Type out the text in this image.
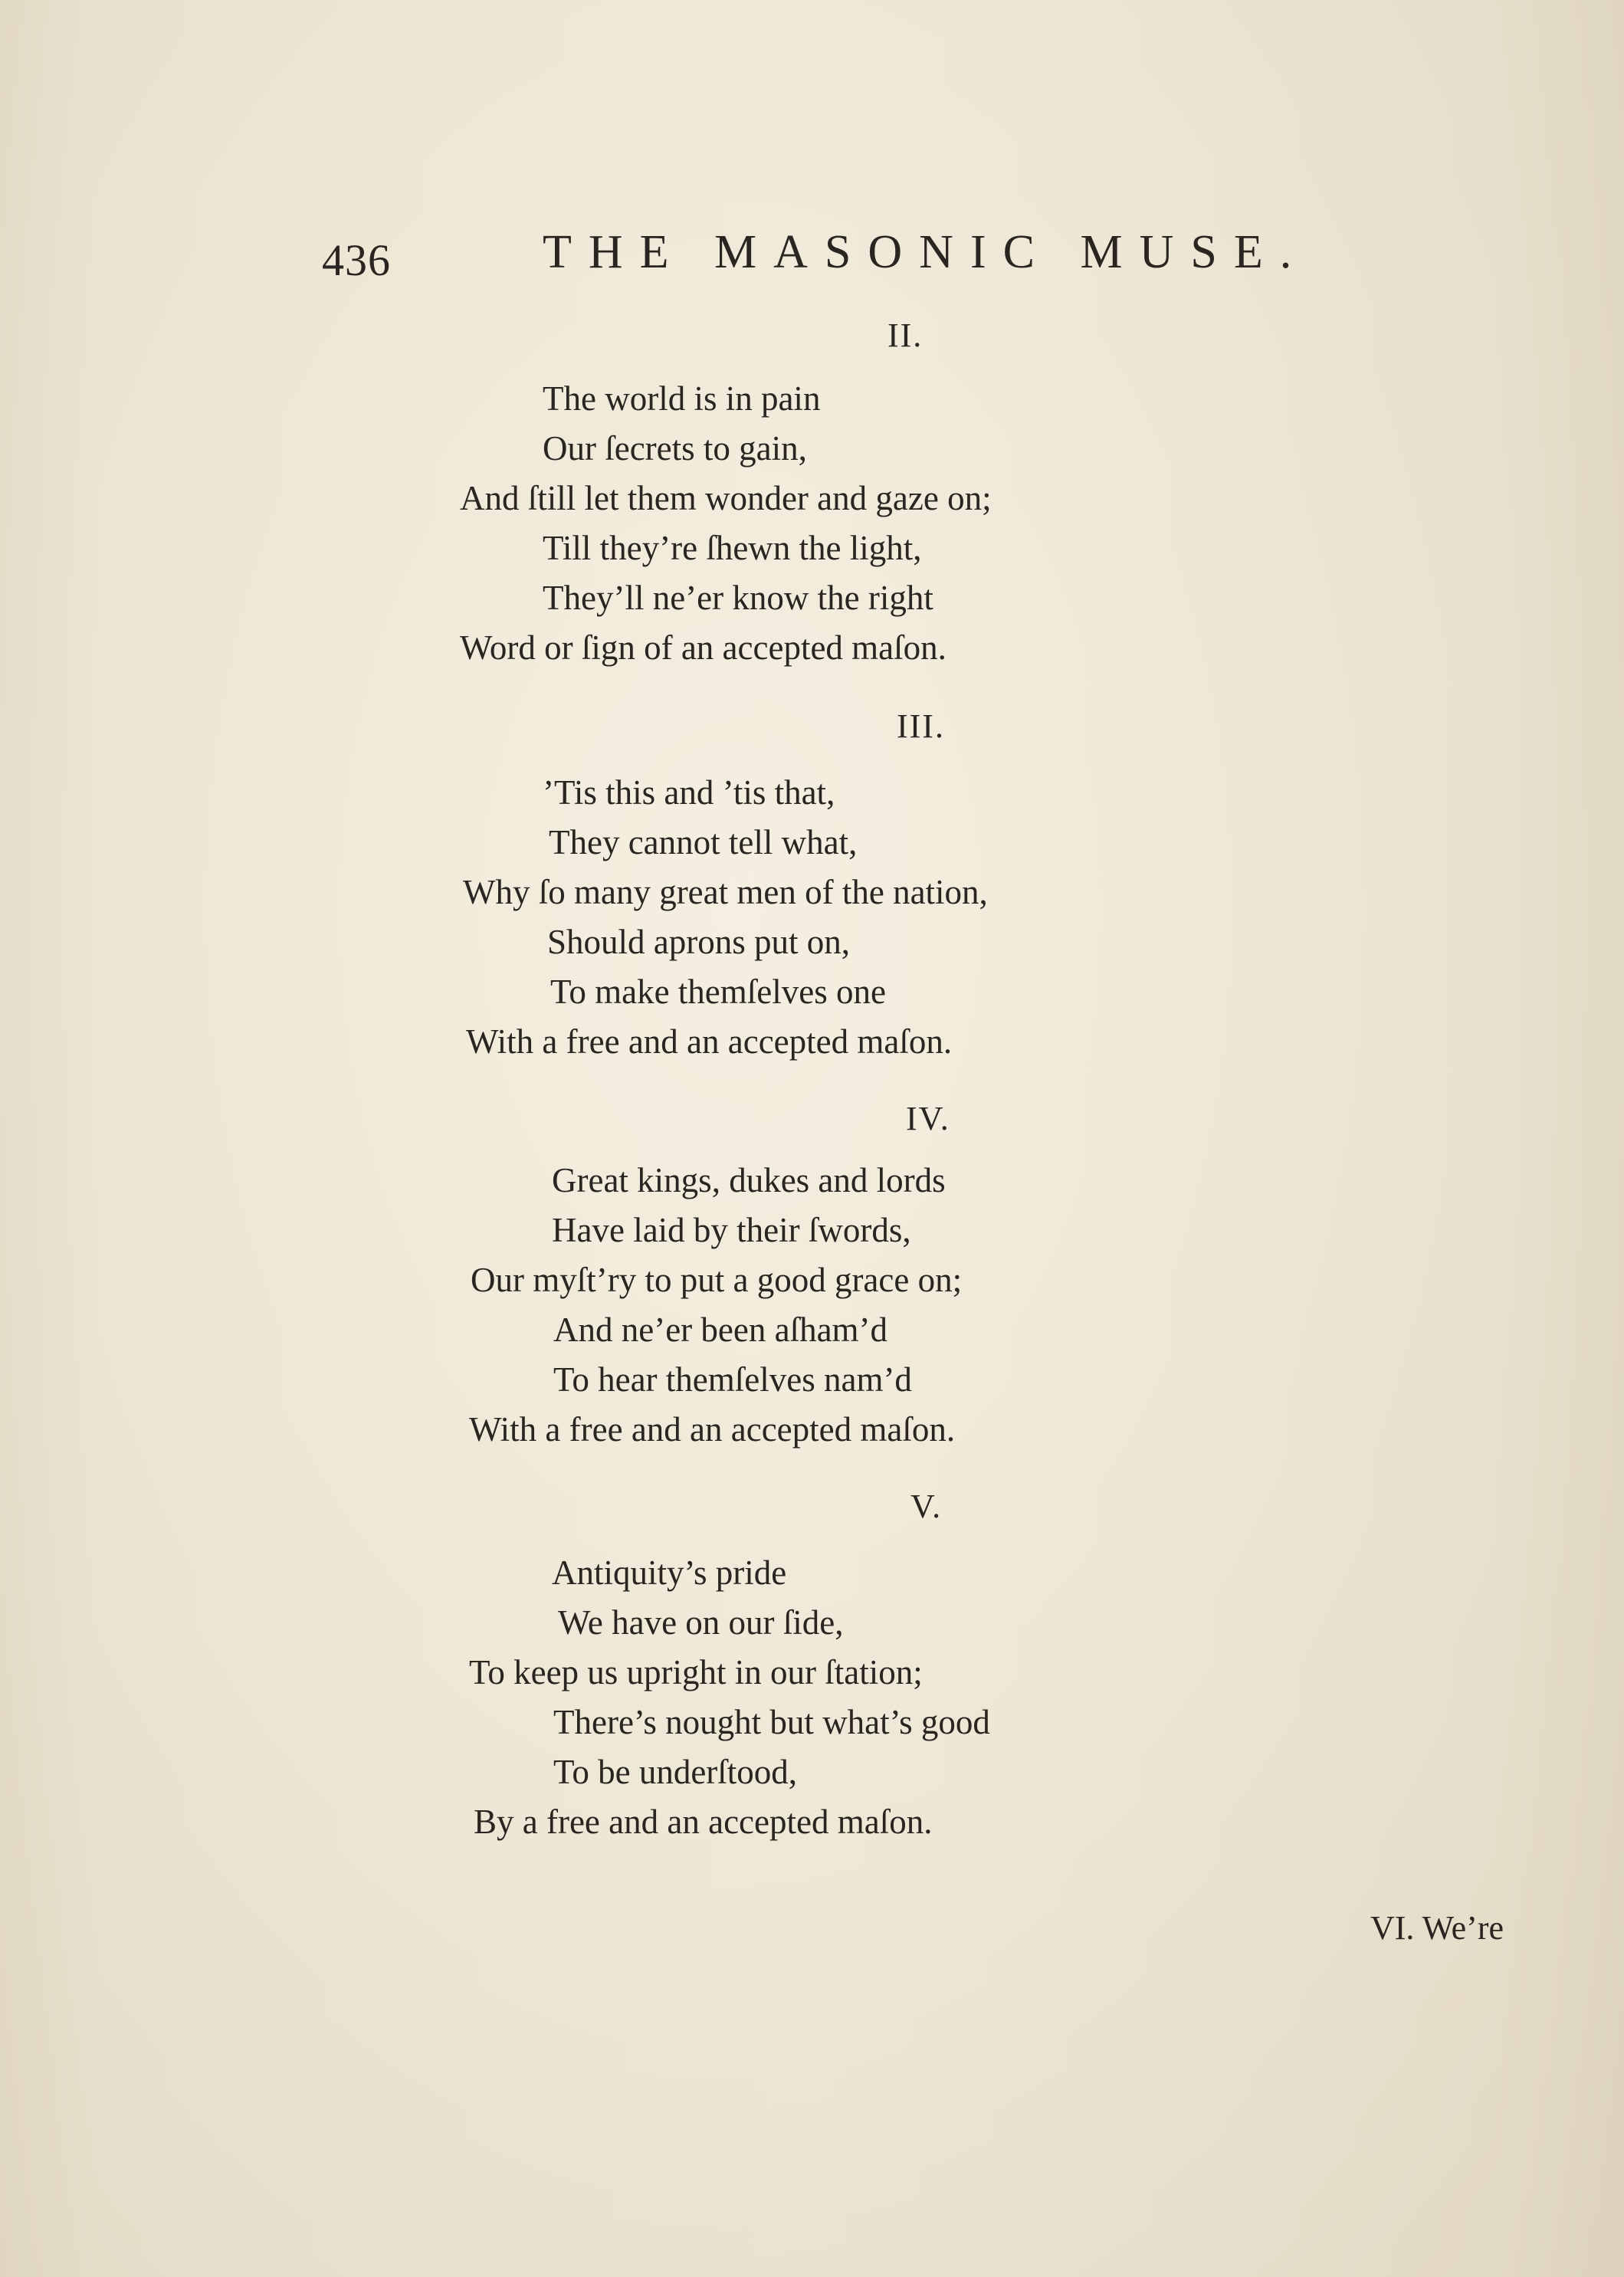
436	THE MASONIC MUSE.
II.
The world is in pain
Our ſecrets to gain,
And ſtill let them wonder and gaze on;
Till they’re ſhewn the light,
They’ll ne’er know the right
Word or ſign of an accepted maſon.
III.
’Tis this and ’tis that,
They cannot tell what,
Why ſo many great men of the nation,
Should aprons put on,
To make themſelves one
With a free and an accepted maſon.
IV.
Great kings, dukes and lords
Have laid by their ſwords,
Our myſt’ry to put a good grace on;
And ne’er been aſham’d
To hear themſelves nam’d
With a free and an accepted maſon.
V.
Antiquity’s pride
We have on our ſide,
To keep us upright in our ſtation;
There’s nought but what’s good
To be underſtood,
By a free and an accepted maſon.
VI. We’re
